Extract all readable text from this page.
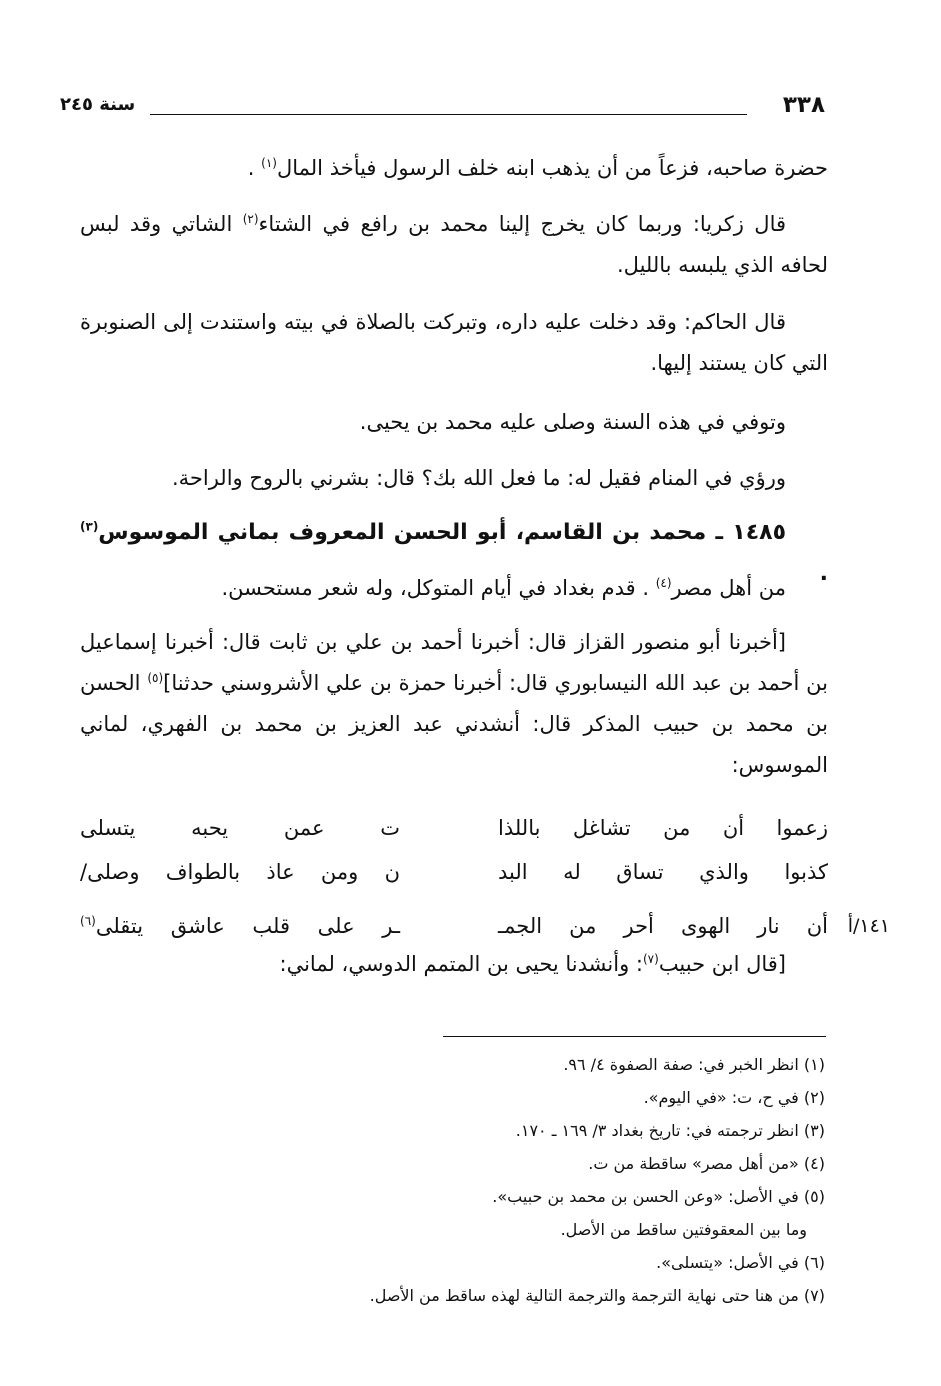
٣٣٨
سنة ٢٤٥
حضرة صاحبه، فزعاً من أن يذهب ابنه خلف الرسول فيأخذ المال$^{(١)}$ .
قال زكريا: وربما كان يخرج إلينا محمد بن رافع في الشتاء$^{(٢)}$ الشاتي وقد لبس لحافه الذي يلبسه بالليل.
قال الحاكم: وقد دخلت عليه داره، وتبركت بالصلاة في بيته واستندت إلى الصنوبرة التي كان يستند إليها.
وتوفي في هذه السنة وصلى عليه محمد بن يحيى.
ورؤي في المنام فقيل له: ما فعل الله بك؟ قال: بشرني بالروح والراحة.
١٤٨٥ ـ محمد بن القاسم، أبو الحسن المعروف بماني الموسوس$^{(٣)}$ .
من أهل مصر$^{(٤)}$ . قدم بغداد في أيام المتوكل، وله شعر مستحسن.
[أخبرنا أبو منصور القزاز قال: أخبرنا أحمد بن علي بن ثابت قال: أخبرنا إسماعيل بن أحمد بن عبد الله النيسابوري قال: أخبرنا حمزة بن علي الأشروسني حدثنا]$^{(٥)}$ الحسن بن محمد بن حبيب المذكر قال: أنشدني عبد العزيز بن محمد بن الفهري، لماني الموسوس:
زعموا أن من تشاغل باللذا
ت عمن يحبه يتسلى
كذبوا والذي تساق له البد
ن ومن عاذ بالطواف وصلى/
١٤١/أ
أن نار الهوى أحر من الجمـ
ـر على قلب عاشق يتقلى$^{(٦)}$
[قال ابن حبيب$^{(٧)}$: وأنشدنا يحيى بن المتمم الدوسي، لماني:
(١) انظر الخبر في: صفة الصفوة ٤/ ٩٦.
(٢) في ح، ت: «في اليوم».
(٣) انظر ترجمته في: تاريخ بغداد ٣/ ١٦٩ ـ ١٧٠.
(٤) «من أهل مصر» ساقطة من ت.
(٥) في الأصل: «وعن الحسن بن محمد بن حبيب».
وما بين المعقوفتين ساقط من الأصل.
(٦) في الأصل: «يتسلى».
(٧) من هنا حتى نهاية الترجمة والترجمة التالية لهذه ساقط من الأصل.
